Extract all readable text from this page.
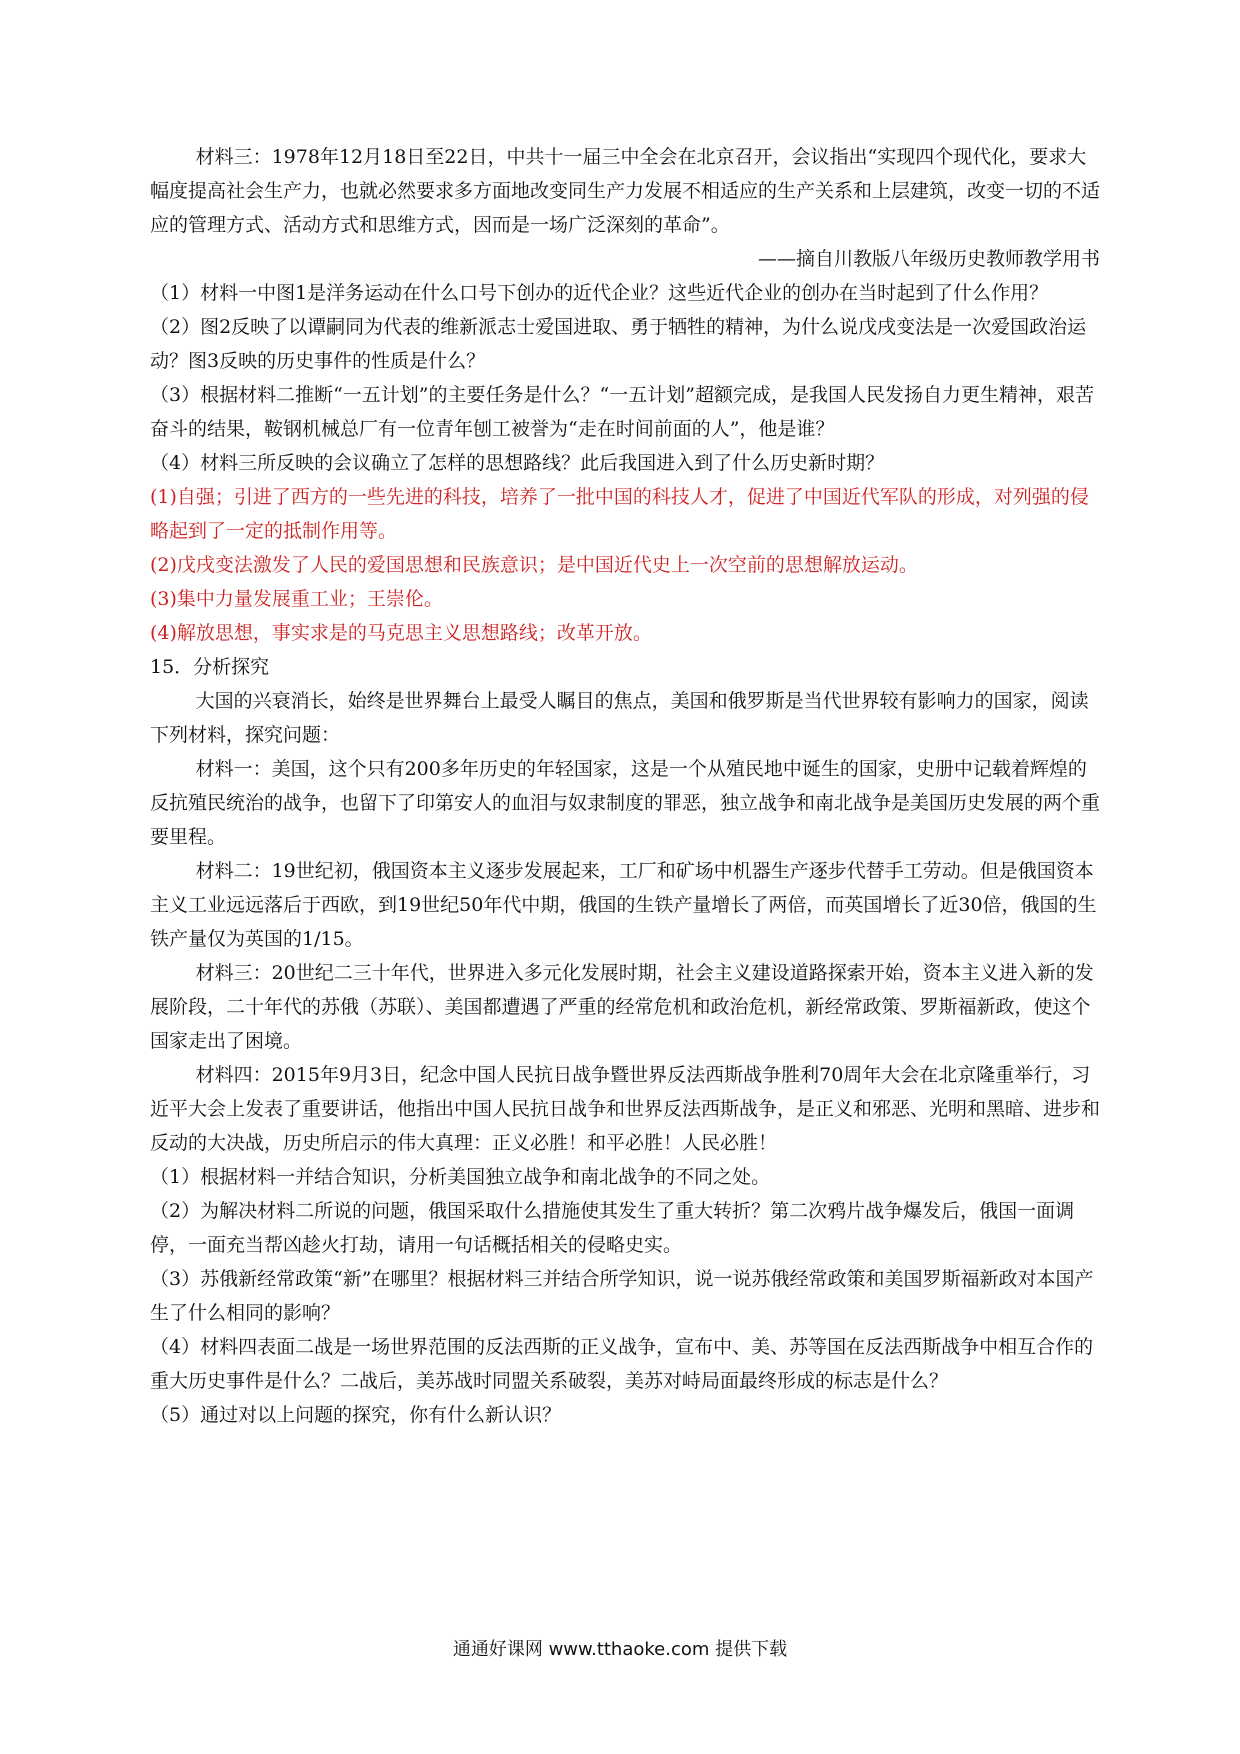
材料三：1978年12月18日至22日，中共十一届三中全会在北京召开，会议指出“实现四个现代化，要求大幅度提高社会生产力，也就必然要求多方面地改变同生产力发展不相适应的生产关系和上层建筑，改变一切的不适应的管理方式、活动方式和思维方式，因而是一场广泛深刻的革命”。

——摘自川教版八年级历史教师教学用书

（1）材料一中图1是洋务运动在什么口号下创办的近代企业？这些近代企业的创办在当时起到了什么作用？

（2）图2反映了以谭嗣同为代表的维新派志士爱国进取、勇于牺牲的精神，为什么说戊戌变法是一次爱国政治运动？图3反映的历史事件的性质是什么？

（3）根据材料二推断“一五计划”的主要任务是什么？“一五计划”超额完成，是我国人民发扬自力更生精神，艰苦奋斗的结果，鞍钢机械总厂有一位青年刨工被誉为“走在时间前面的人”，他是谁？

（4）材料三所反映的会议确立了怎样的思想路线？此后我国进入到了什么历史新时期？

(1)自强；引进了西方的一些先进的科技，培养了一批中国的科技人才，促进了中国近代军队的形成，对列强的侵略起到了一定的抵制作用等。

(2)戊戌变法激发了人民的爱国思想和民族意识；是中国近代史上一次空前的思想解放运动。

(3)集中力量发展重工业；王崇伦。

(4)解放思想，事实求是的马克思主义思想路线；改革开放。

15．分析探究

大国的兴衰消长，始终是世界舞台上最受人瞩目的焦点，美国和俄罗斯是当代世界较有影响力的国家，阅读下列材料，探究问题：

材料一：美国，这个只有200多年历史的年轻国家，这是一个从殖民地中诞生的国家，史册中记载着辉煌的反抗殖民统治的战争，也留下了印第安人的血泪与奴隶制度的罪恶，独立战争和南北战争是美国历史发展的两个重要里程。

材料二：19世纪初，俄国资本主义逐步发展起来，工厂和矿场中机器生产逐步代替手工劳动。但是俄国资本主义工业远远落后于西欧，到19世纪50年代中期，俄国的生铁产量增长了两倍，而英国增长了近30倍，俄国的生铁产量仅为英国的1/15。

材料三：20世纪二三十年代，世界进入多元化发展时期，社会主义建设道路探索开始，资本主义进入新的发展阶段，二十年代的苏俄（苏联）、美国都遭遇了严重的经常危机和政治危机，新经常政策、罗斯福新政，使这个国家走出了困境。

材料四：2015年9月3日，纪念中国人民抗日战争暨世界反法西斯战争胜利70周年大会在北京隆重举行，习近平大会上发表了重要讲话，他指出中国人民抗日战争和世界反法西斯战争，是正义和邪恶、光明和黑暗、进步和反动的大决战，历史所启示的伟大真理：正义必胜！和平必胜！人民必胜！

（1）根据材料一并结合知识，分析美国独立战争和南北战争的不同之处。

（2）为解决材料二所说的问题，俄国采取什么措施使其发生了重大转折？第二次鸦片战争爆发后，俄国一面调停，一面充当帮凶趁火打劫，请用一句话概括相关的侵略史实。

（3）苏俄新经常政策“新”在哪里？根据材料三并结合所学知识，说一说苏俄经常政策和美国罗斯福新政对本国产生了什么相同的影响？

（4）材料四表面二战是一场世界范围的反法西斯的正义战争，宣布中、美、苏等国在反法西斯战争中相互合作的重大历史事件是什么？二战后，美苏战时同盟关系破裂，美苏对峙局面最终形成的标志是什么？

（5）通过对以上问题的探究，你有什么新认识？

通通好课网 www.tthaoke.com 提供下载
